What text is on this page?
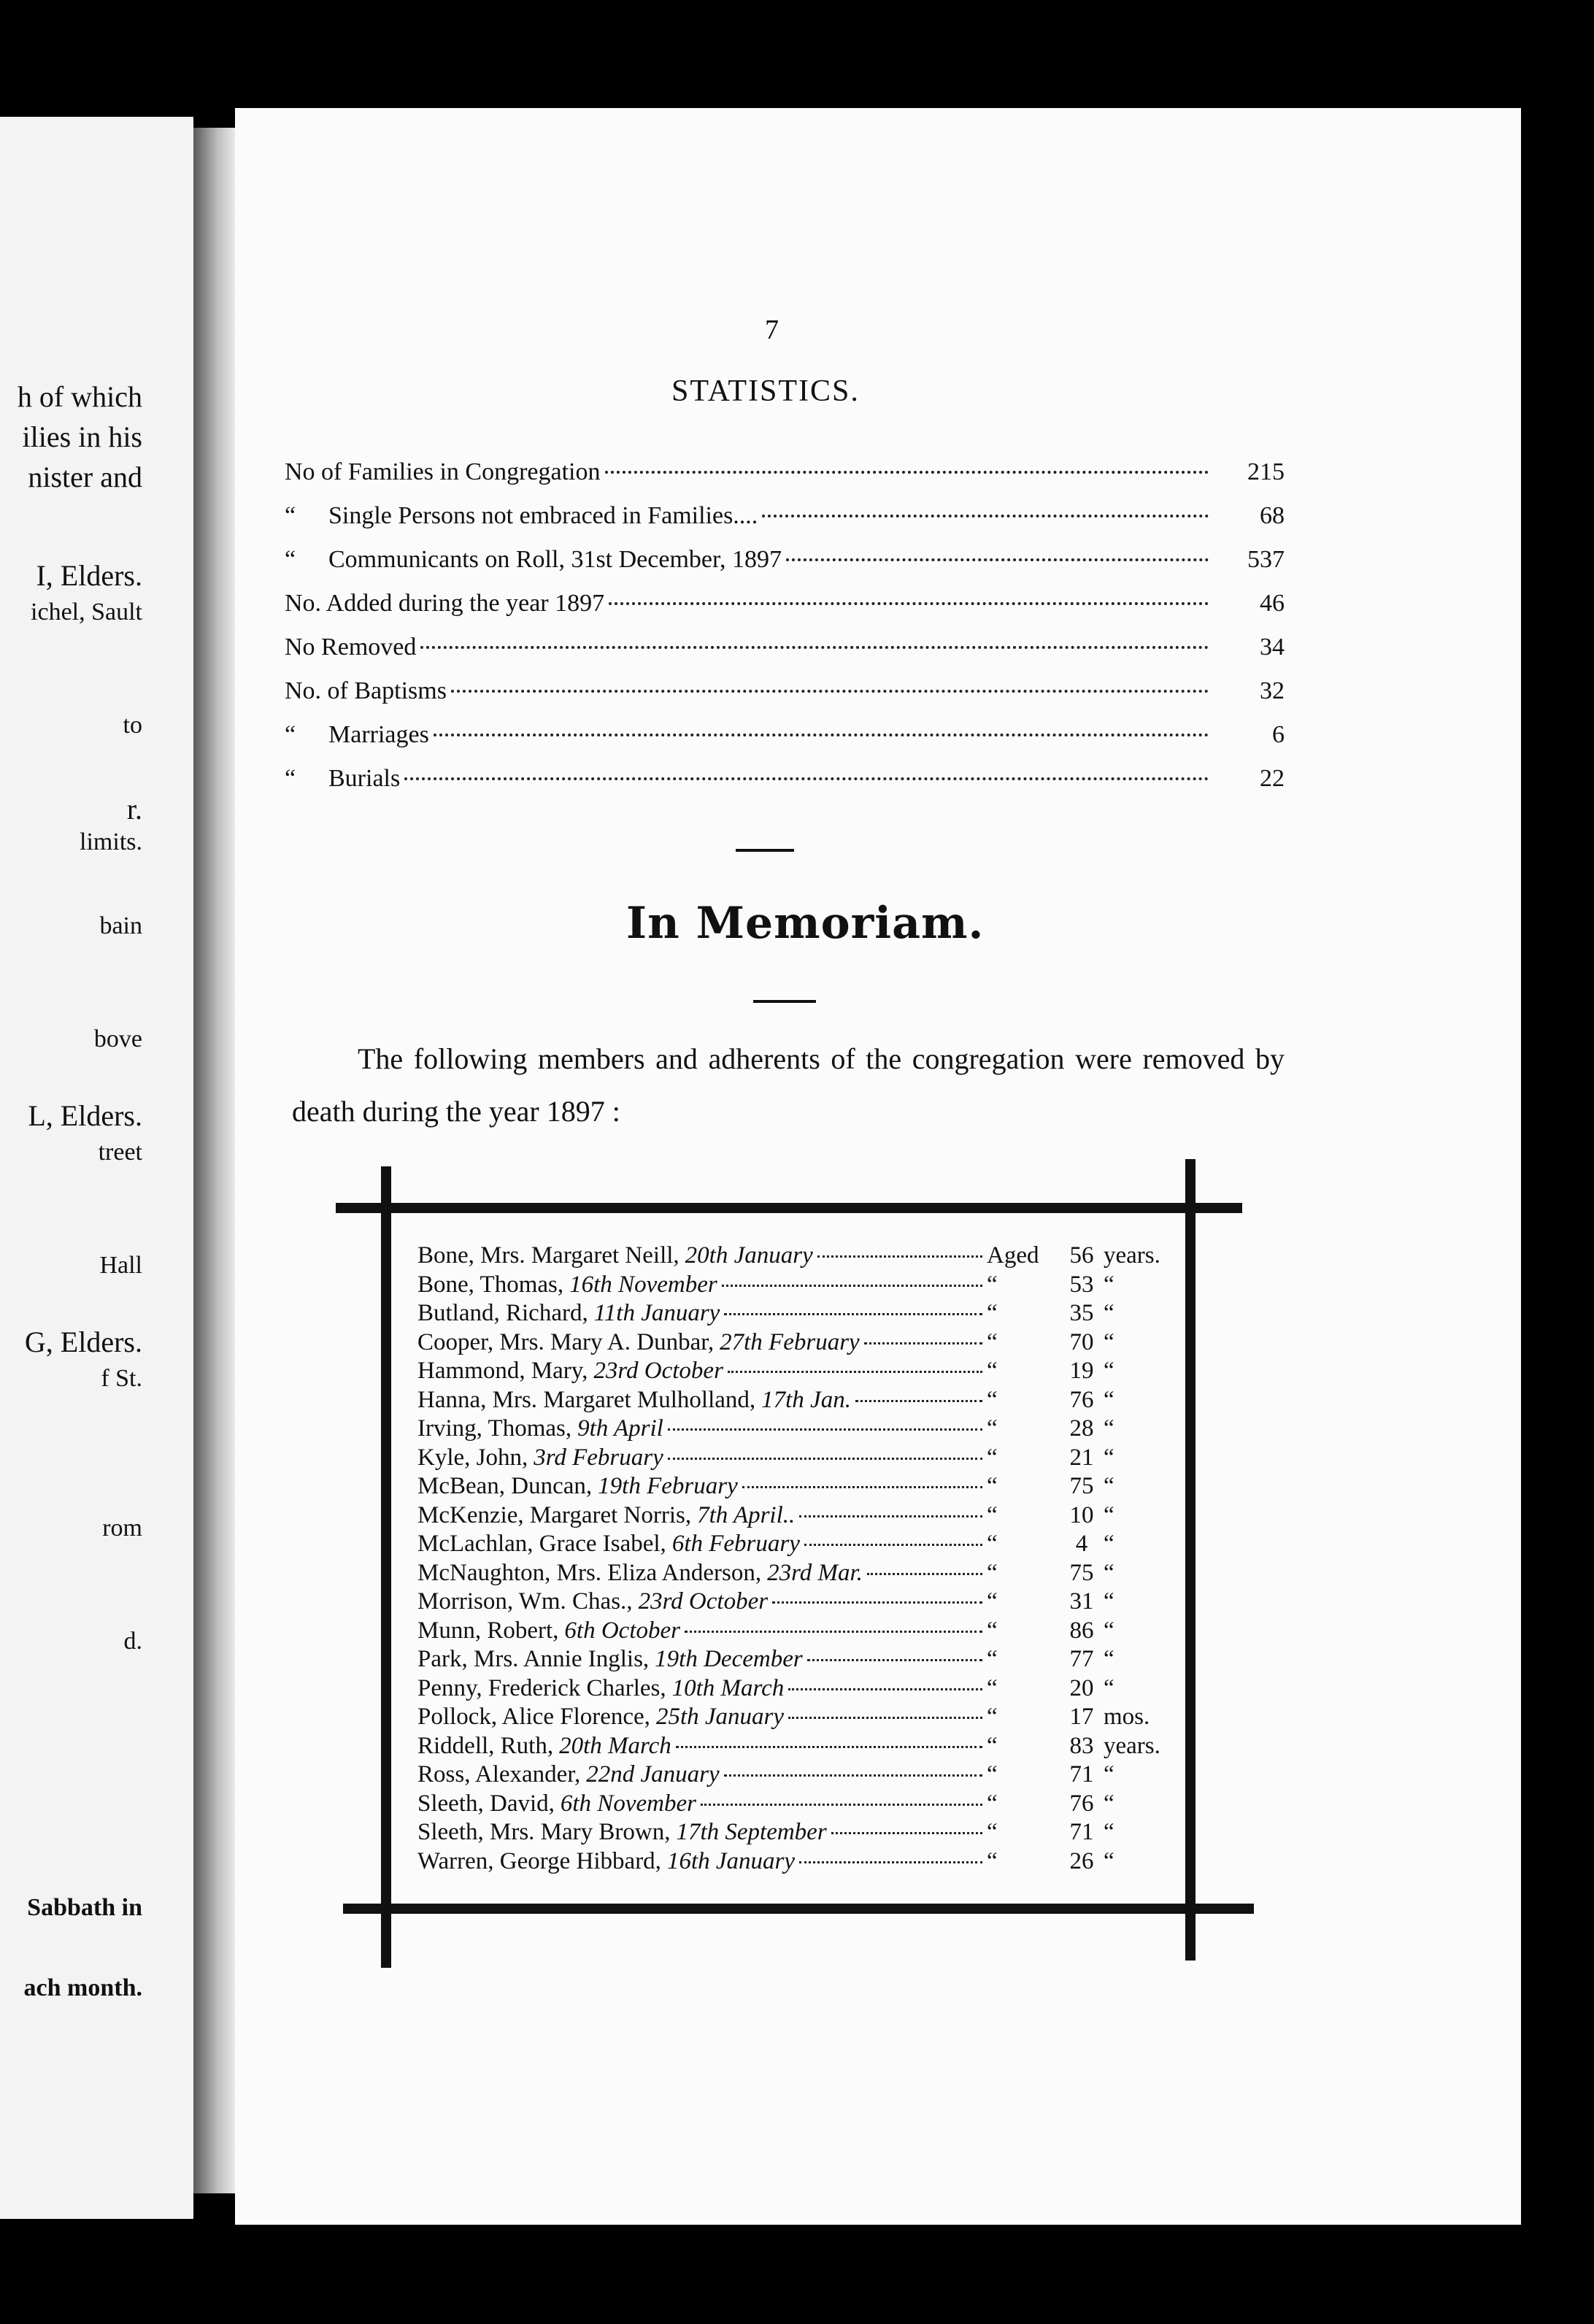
h of which
ilies in his
nister and
I, Elders.
ichel, Sault
to
r.
limits.
bain
bove
L, Elders.
treet
Hall
G, Elders.
f St.
rom
d.
Sabbath in
ach month.
7
STATISTICS.
No of Families in Congregation	215
“	Single Persons not embraced in Families....	68
“	Communicants on Roll, 31st December, 1897	537
No. Added during the year 1897	46
No Removed	34
No. of Baptisms	32
“	Marriages	6
“	Burials	22
In Memoriam.
The following members and adherents of the congregation were removed by death during the year 1897 :
Bone, Mrs. Margaret Neill, 20th January	Aged	56 years.
Bone, Thomas, 16th November	“	53 “
Butland, Richard, 11th January	“	35 “
Cooper, Mrs. Mary A. Dunbar, 27th February	“	70 “
Hammond, Mary, 23rd October	“	19 “
Hanna, Mrs. Margaret Mulholland, 17th Jan.	“	76 “
Irving, Thomas, 9th April	“	28 “
Kyle, John, 3rd February	“	21 “
McBean, Duncan, 19th February	“	75 “
McKenzie, Margaret Norris, 7th April..	“	10 “
McLachlan, Grace Isabel, 6th February	“	4 “
McNaughton, Mrs. Eliza Anderson, 23rd Mar.	“	75 “
Morrison, Wm. Chas., 23rd October	“	31 “
Munn, Robert, 6th October	“	86 “
Park, Mrs. Annie Inglis, 19th December	“	77 “
Penny, Frederick Charles, 10th March	“	20 “
Pollock, Alice Florence, 25th January	“	17 mos.
Riddell, Ruth, 20th March	“	83 years.
Ross, Alexander, 22nd January	“	71 “
Sleeth, David, 6th November	“	76 “
Sleeth, Mrs. Mary Brown, 17th September	“	71 “
Warren, George Hibbard, 16th January	“	26 “
